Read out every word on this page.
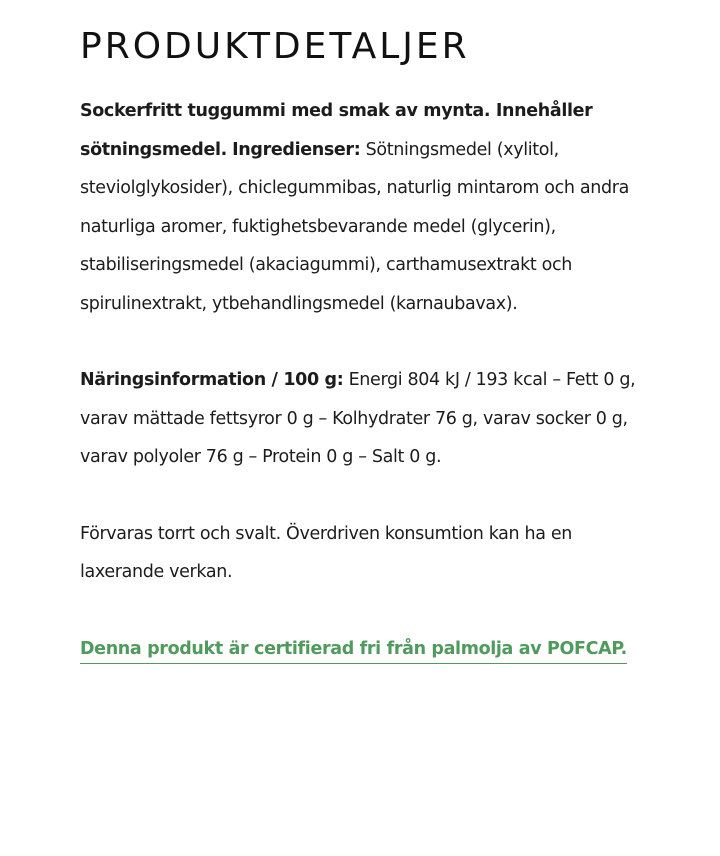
PRODUKTDETALJER

Sockerfritt tuggummi med smak av mynta. Innehåller sötningsmedel. Ingredienser: Sötningsmedel (xylitol, steviolglykosider), chiclegummibas, naturlig mintarom och andra naturliga aromer, fuktighetsbevarande medel (glycerin), stabiliseringsmedel (akaciagummi), carthamusextrakt och spirulinextrakt, ytbehandlingsmedel (karnaubavax).

Näringsinformation / 100 g: Energi 804 kJ / 193 kcal – Fett 0 g, varav mättade fettsyror 0 g – Kolhydrater 76 g, varav socker 0 g, varav polyoler 76 g – Protein 0 g – Salt 0 g.

Förvaras torrt och svalt. Överdriven konsumtion kan ha en laxerande verkan.

Denna produkt är certifierad fri från palmolja av POFCAP.
